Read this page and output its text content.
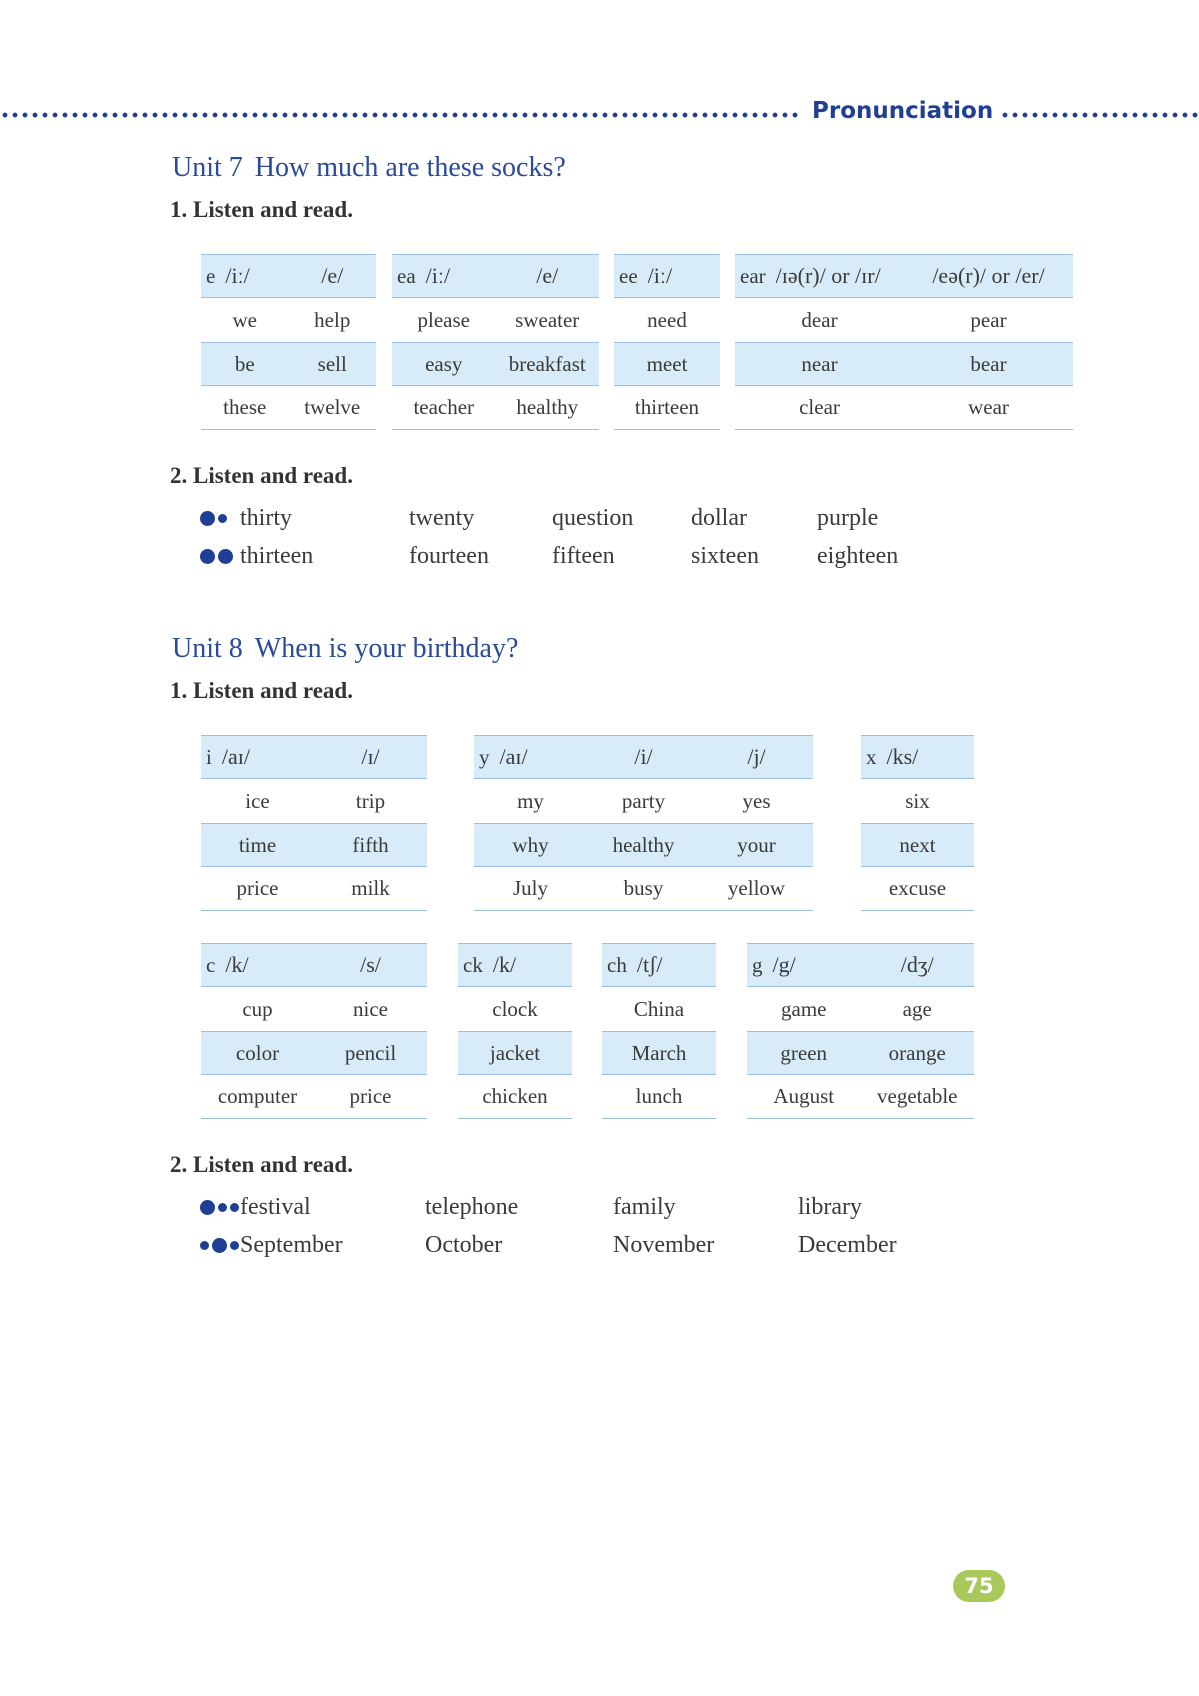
Pronunciation
Unit 7 How much are these socks?
1. Listen and read.
e /iː/	/e/
we	help
be	sell
these	twelve
ea /iː/	/e/
please	sweater
easy	breakfast
teacher	healthy
ee /iː/
need
meet
thirteen
ear /ɪə(r)/ or /ɪr/	/eə(r)/ or /er/
dear	pear
near	bear
clear	wear
2. Listen and read.
thirty	twenty	question dollar	purple
thirteen	fourteen	fifteen	sixteen eighteen
Unit 8 When is your birthday?
1. Listen and read.
i /aɪ/	/ɪ/
ice	trip
time	fifth
price	milk
y /aɪ/	/i/	/j/
my	party	yes
why	healthy	your
July	busy	yellow
x /ks/
six
next
excuse
c /k/	/s/
cup	nice
color	pencil
computer	price
ck /k/
clock
jacket
chicken
ch /tʃ/
China
March
lunch
g /g/	/dʒ/
game	age
green	orange
August	vegetable
2. Listen and read.
festival	telephone	family	library
September	October	November	December
75
